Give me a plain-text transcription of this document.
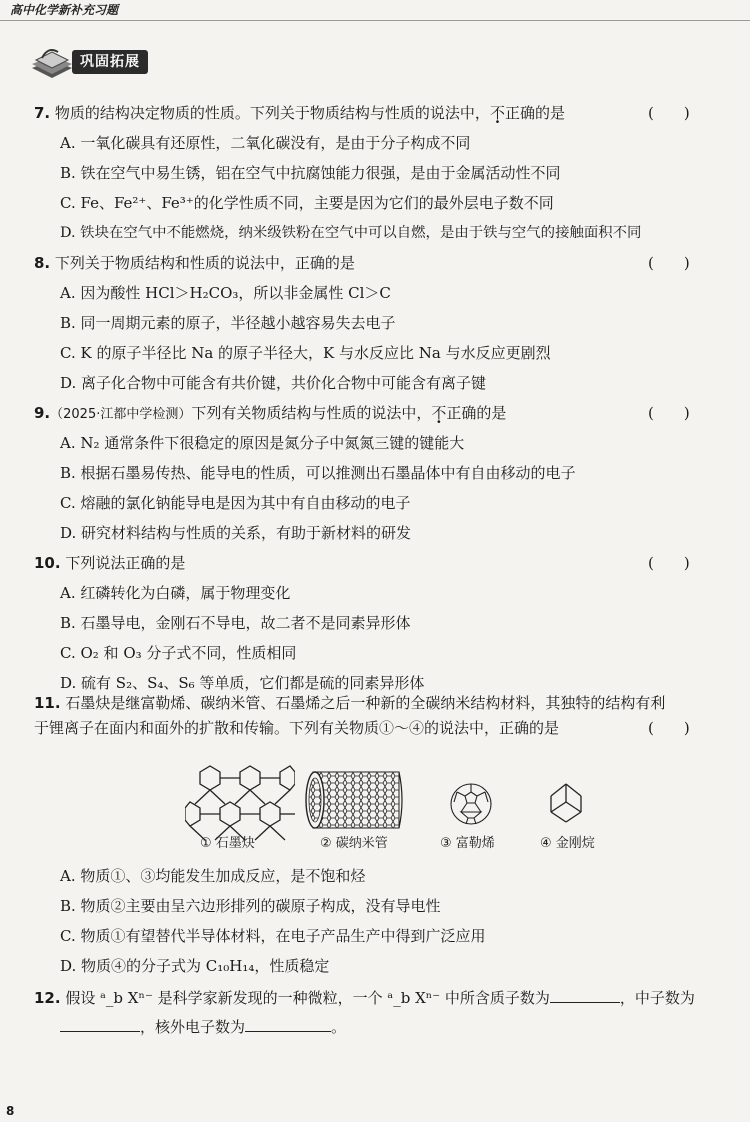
高中化学新补充习题
巩固拓展
7. 物质的结构决定物质的性质。下列关于物质结构与性质的说法中，不正确的是	(　　)
A. 一氧化碳具有还原性，二氧化碳没有，是由于分子构成不同
B. 铁在空气中易生锈，铝在空气中抗腐蚀能力很强，是由于金属活动性不同
C. Fe、Fe²⁺、Fe³⁺的化学性质不同，主要是因为它们的最外层电子数不同
D. 铁块在空气中不能燃烧，纳米级铁粉在空气中可以自燃，是由于铁与空气的接触面积不同
8. 下列关于物质结构和性质的说法中，正确的是	(　　)
A. 因为酸性 HCl＞H₂CO₃，所以非金属性 Cl＞C
B. 同一周期元素的原子，半径越小越容易失去电子
C. K 的原子半径比 Na 的原子半径大，K 与水反应比 Na 与水反应更剧烈
D. 离子化合物中可能含有共价键，共价化合物中可能含有离子键
9.（2025·江都中学检测）下列有关物质结构与性质的说法中，不正确的是	(　　)
A. N₂ 通常条件下很稳定的原因是氮分子中氮氮三键的键能大
B. 根据石墨易传热、能导电的性质，可以推测出石墨晶体中有自由移动的电子
C. 熔融的氯化钠能导电是因为其中有自由移动的电子
D. 研究材料结构与性质的关系，有助于新材料的研发
10. 下列说法正确的是	(　　)
A. 红磷转化为白磷，属于物理变化
B. 石墨导电，金刚石不导电，故二者不是同素异形体
C. O₂ 和 O₃ 分子式不同，性质相同
D. 硫有 S₂、S₄、S₆ 等单质，它们都是硫的同素异形体
11. 石墨炔是继富勒烯、碳纳米管、石墨烯之后一种新的全碳纳米结构材料，其独特的结构有利
于锂离子在面内和面外的扩散和传输。下列有关物质①～④的说法中，正确的是	(　　)
① 石墨炔	② 碳纳米管	③ 富勒烯	④ 金刚烷
A. 物质①、③均能发生加成反应，是不饱和烃
B. 物质②主要由呈六边形排列的碳原子构成，没有导电性
C. 物质①有望替代半导体材料，在电子产品生产中得到广泛应用
D. 物质④的分子式为 C₁₀H₁₄，性质稳定
12. 假设 ᵃ_b Xⁿ⁻ 是科学家新发现的一种微粒，一个 ᵃ_b Xⁿ⁻ 中所含质子数为	，中子数为
，核外电子数为	。
8
